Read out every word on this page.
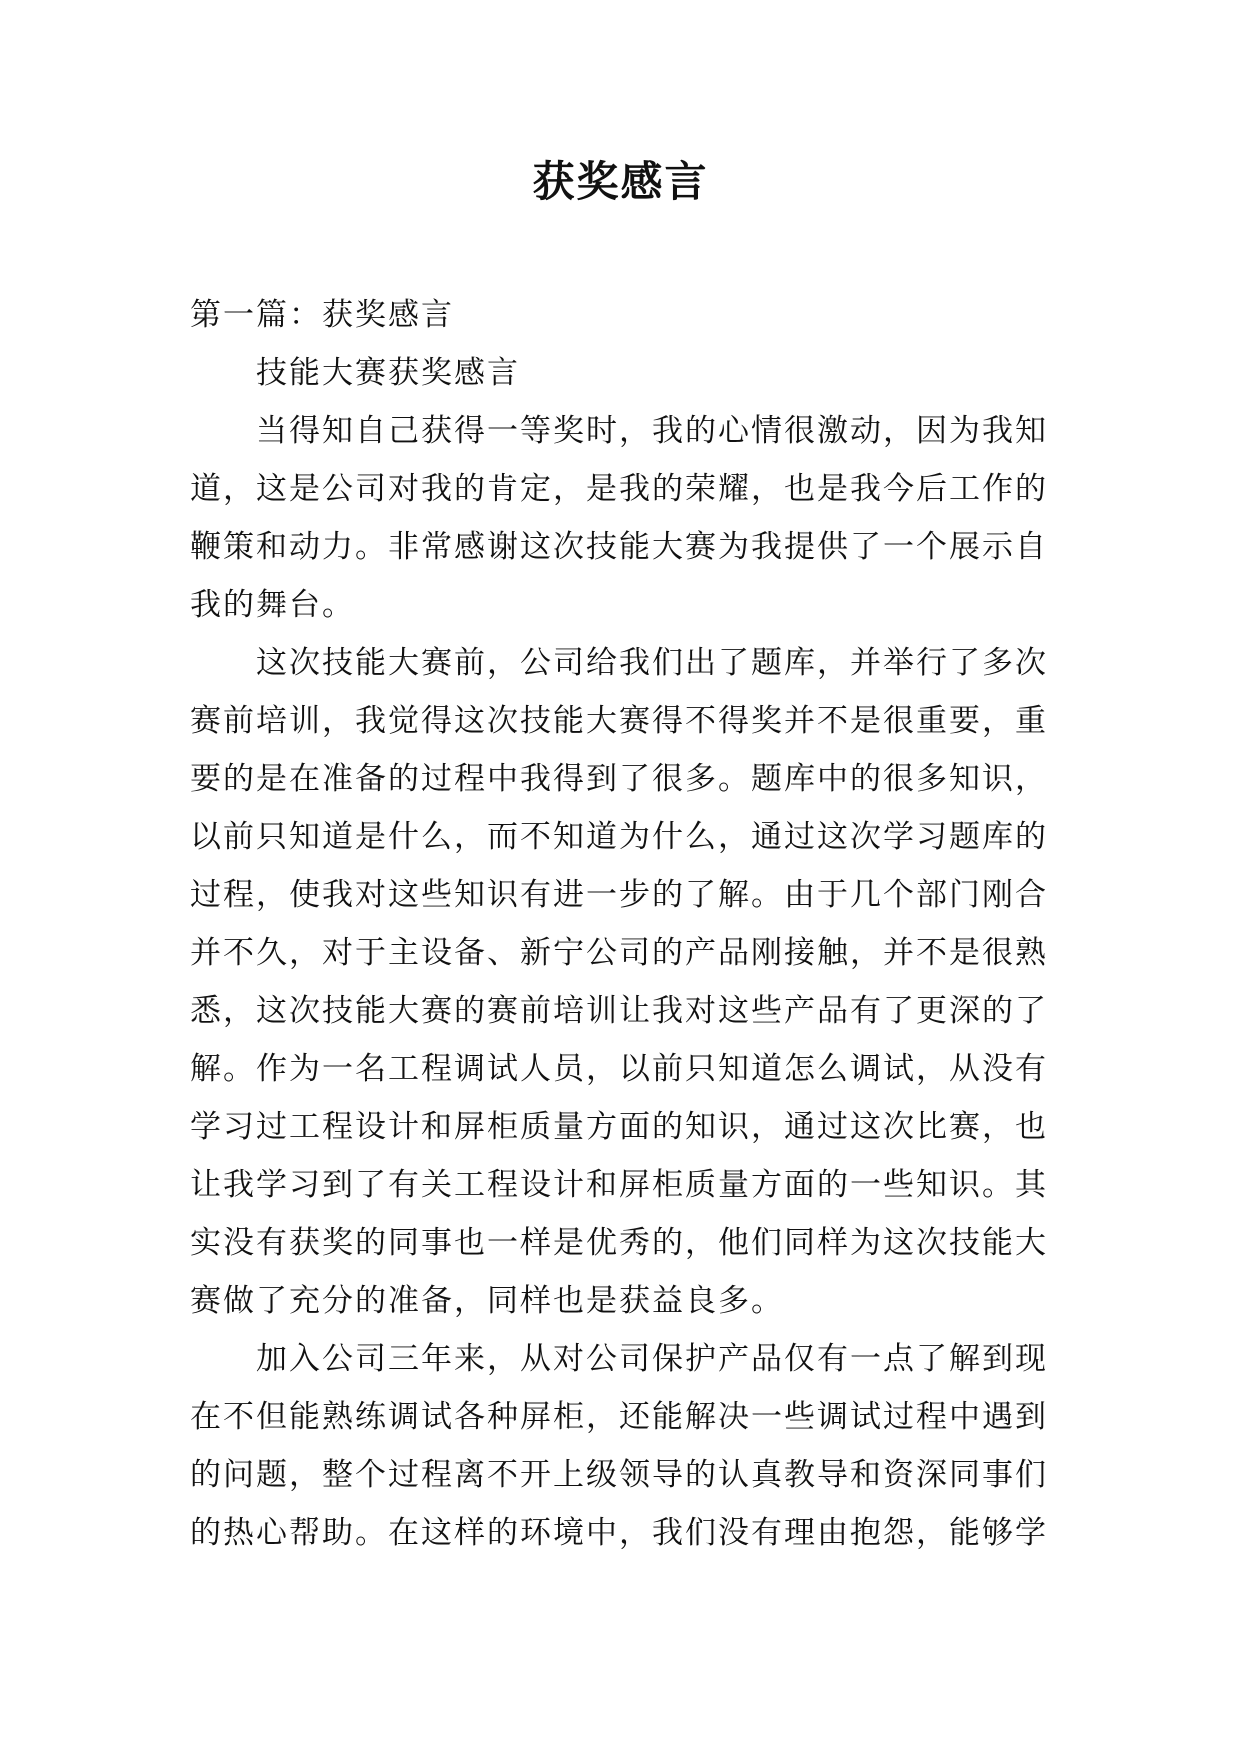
获奖感言
第一篇：获奖感言
技能大赛获奖感言
当得知自己获得一等奖时，我的心情很激动，因为我知
道，这是公司对我的肯定，是我的荣耀，也是我今后工作的
鞭策和动力。非常感谢这次技能大赛为我提供了一个展示自
我的舞台。
这次技能大赛前，公司给我们出了题库，并举行了多次
赛前培训，我觉得这次技能大赛得不得奖并不是很重要，重
要的是在准备的过程中我得到了很多。题库中的很多知识，
以前只知道是什么，而不知道为什么，通过这次学习题库的
过程，使我对这些知识有进一步的了解。由于几个部门刚合
并不久，对于主设备、新宁公司的产品刚接触，并不是很熟
悉，这次技能大赛的赛前培训让我对这些产品有了更深的了
解。作为一名工程调试人员，以前只知道怎么调试，从没有
学习过工程设计和屏柜质量方面的知识，通过这次比赛，也
让我学习到了有关工程设计和屏柜质量方面的一些知识。其
实没有获奖的同事也一样是优秀的，他们同样为这次技能大
赛做了充分的准备，同样也是获益良多。
加入公司三年来，从对公司保护产品仅有一点了解到现
在不但能熟练调试各种屏柜，还能解决一些调试过程中遇到
的问题，整个过程离不开上级领导的认真教导和资深同事们
的热心帮助。在这样的环境中，我们没有理由抱怨，能够学
